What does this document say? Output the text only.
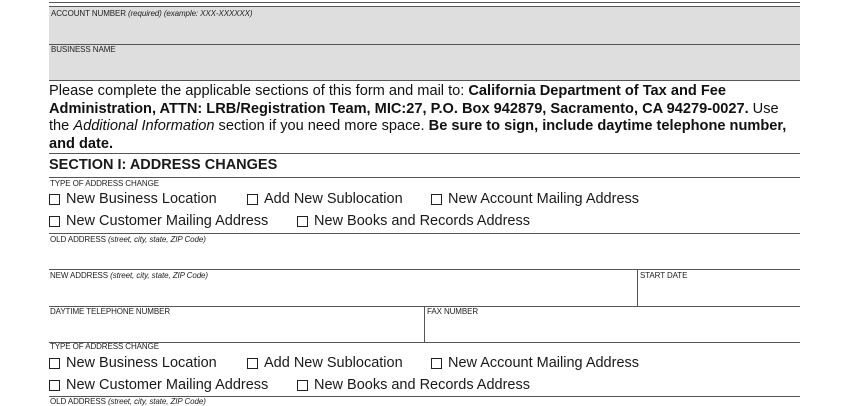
ACCOUNT NUMBER (required) (example: XXX-XXXXXX)
BUSINESS NAME
Please complete the applicable sections of this form and mail to: California Department of Tax and Fee Administration, ATTN: LRB/Registration Team, MIC:27, P.O. Box 942879, Sacramento, CA 94279-0027. Use the Additional Information section if you need more space. Be sure to sign, include daytime telephone number, and date.
SECTION I: ADDRESS CHANGES
TYPE OF ADDRESS CHANGE
New Business Location	Add New Sublocation	New Account Mailing Address
New Customer Mailing Address	New Books and Records Address
OLD ADDRESS (street, city, state, ZIP Code)
NEW ADDRESS (street, city, state, ZIP Code)	START DATE
DAYTIME TELEPHONE NUMBER	FAX NUMBER
TYPE OF ADDRESS CHANGE
New Business Location	Add New Sublocation	New Account Mailing Address
New Customer Mailing Address	New Books and Records Address
OLD ADDRESS (street, city, state, ZIP Code)
